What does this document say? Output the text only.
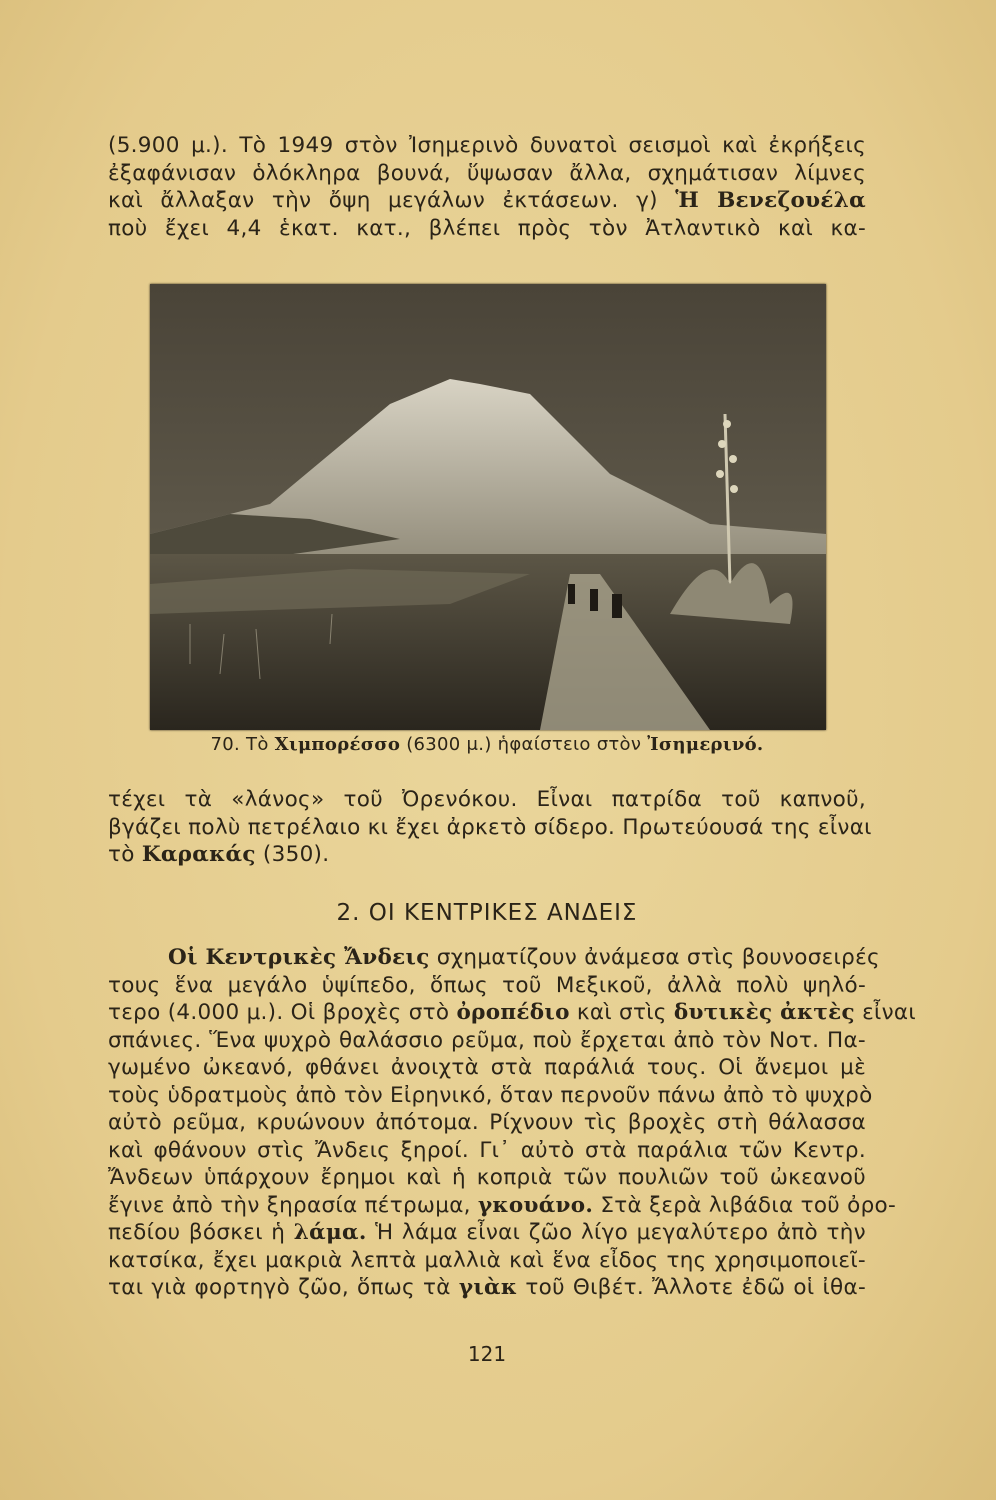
(5.900 μ.). Τὸ 1949 στὸν Ἰσημερινὸ δυνατοὶ σεισμοὶ καὶ ἐκρήξεις
ἐξαφάνισαν ὁλόκληρα βουνά, ὕψωσαν ἄλλα, σχημάτισαν λίμνες
καὶ ἄλλαξαν τὴν ὄψη μεγάλων ἐκτάσεων. γ) Ἡ Βενεζουέλα
ποὺ ἔχει 4,4 ἑκατ. κατ., βλέπει πρὸς τὸν Ἀτλαντικὸ καὶ κα-
70. Τὸ Χιμπορέσσο (6300 μ.) ἡφαίστειο στὸν Ἰσημερινό.
τέχει τὰ «λάνος» τοῦ Ὀρενόκου. Εἶναι πατρίδα τοῦ καπνοῦ,
βγάζει πολὺ πετρέλαιο κι ἔχει ἀρκετὸ σίδερο. Πρωτεύουσά της εἶναι
τὸ Καρακάς (350).
2. ΟΙ ΚΕΝΤΡΙΚΕΣ ΑΝΔΕΙΣ
Οἱ Κεντρικὲς Ἄνδεις σχηματίζουν ἀνάμεσα στὶς βουνοσειρές
τους ἕνα μεγάλο ὑψίπεδο, ὅπως τοῦ Μεξικοῦ, ἀλλὰ πολὺ ψηλό-
τερο (4.000 μ.). Οἱ βροχὲς στὸ ὀροπέδιο καὶ στὶς δυτικὲς ἀκτὲς εἶναι
σπάνιες. Ἕνα ψυχρὸ θαλάσσιο ρεῦμα, ποὺ ἔρχεται ἀπὸ τὸν Νοτ. Πα-
γωμένο ὠκεανό, φθάνει ἀνοιχτὰ στὰ παράλιά τους. Οἱ ἄνεμοι μὲ
τοὺς ὑδρατμοὺς ἀπὸ τὸν Εἰρηνικό, ὅταν περνοῦν πάνω ἀπὸ τὸ ψυχρὸ
αὐτὸ ρεῦμα, κρυώνουν ἀπότομα. Ρίχνουν τὶς βροχὲς στὴ θάλασσα
καὶ φθάνουν στὶς Ἄνδεις ξηροί. Γι᾿ αὐτὸ στὰ παράλια τῶν Κεντρ.
Ἄνδεων ὑπάρχουν ἔρημοι καὶ ἡ κοπριὰ τῶν πουλιῶν τοῦ ὠκεανοῦ
ἔγινε ἀπὸ τὴν ξηρασία πέτρωμα, γκουάνο. Στὰ ξερὰ λιβάδια τοῦ ὀρο-
πεδίου βόσκει ἡ λάμα. Ἡ λάμα εἶναι ζῶο λίγο μεγαλύτερο ἀπὸ τὴν
κατσίκα, ἔχει μακριὰ λεπτὰ μαλλιὰ καὶ ἕνα εἶδος της χρησιμοποιεῖ-
ται γιὰ φορτηγὸ ζῶο, ὅπως τὰ γιὰκ τοῦ Θιβέτ. Ἄλλοτε ἐδῶ οἱ ἰθα-
121
